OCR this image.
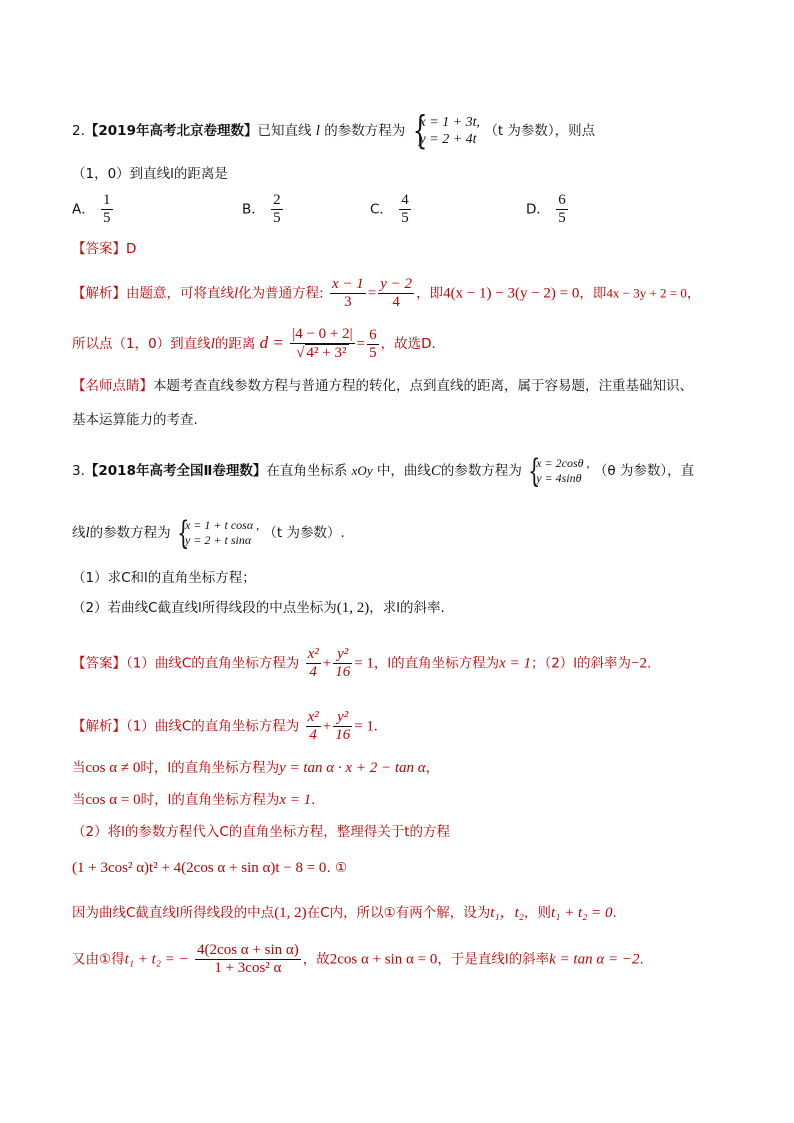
2.【2019年高考北京卷理数】已知直线 l 的参数方程为
{ x = 1 + 3t,
y = 2 + 4t
（t 为参数），则点
（1，0）到直线l的距离是
A． $\frac{1}{5}$	B． $\frac{2}{5}$	C． $\frac{4}{5}$	D． $\frac{6}{5}$
【答案】D
【解析】由题意，可将直线l化为普通方程: $\frac{x - 1}{3} = \frac{y - 2}{4}$ ，即4(x − 1) − 3(y − 2) = 0，即4x − 3y + 2 = 0，
所以点（1，0）到直线l的距离 $d = \frac{|4 - 0 + 2|}{\text{√ 4² + 3²}} = \frac{6}{5}$ ，故选D.
【名师点睛】本题考查直线参数方程与普通方程的转化，点到直线的距离，属于容易题，注重基础知识、
基本运算能力的考查.
3.【2018年高考全国Ⅱ卷理数】在直角坐标系 xOy 中，曲线C的参数方程为 { x = 2cosθ ,
y = 4sinθ （θ 为参数），直
线l的参数方程为 { x = 1 + t cosα ,
y = 2 + t sinα （t 为参数）.
（1）求C和l的直角坐标方程；
（2）若曲线C截直线l所得线段的中点坐标为(1, 2)，求l的斜率.
【答案】（1）曲线C的直角坐标方程为 $\frac{\text{x²}}{4} + \frac{\text{y²}}{16} = 1$，l的直角坐标方程为x = 1；（2）l的斜率为−2.
【解析】（1）曲线C的直角坐标方程为 $\frac{\text{x²}}{4} + \frac{\text{y²}}{16} = 1$.
当cos α ≠ 0时，l的直角坐标方程为y = tan α · x + 2 − tan α，
当cos α = 0时，l的直角坐标方程为x = 1.
（2）将l的参数方程代入C的直角坐标方程，整理得关于t的方程
(1 + 3cos² α)t² + 4(2cos α + sin α)t − 8 = 0. ①
因为曲线C截直线l所得线段的中点(1, 2)在C内，所以①有两个解，设为t₁，t₂，则t₁ + t₂ = 0.
又由①得t₁ + t₂ = − $\frac{\text{4(2cos α + sin α)}}{\text{1 + 3cos² α}}$ ，故2cos α + sin α = 0，于是直线l的斜率k = tan α = −2.
